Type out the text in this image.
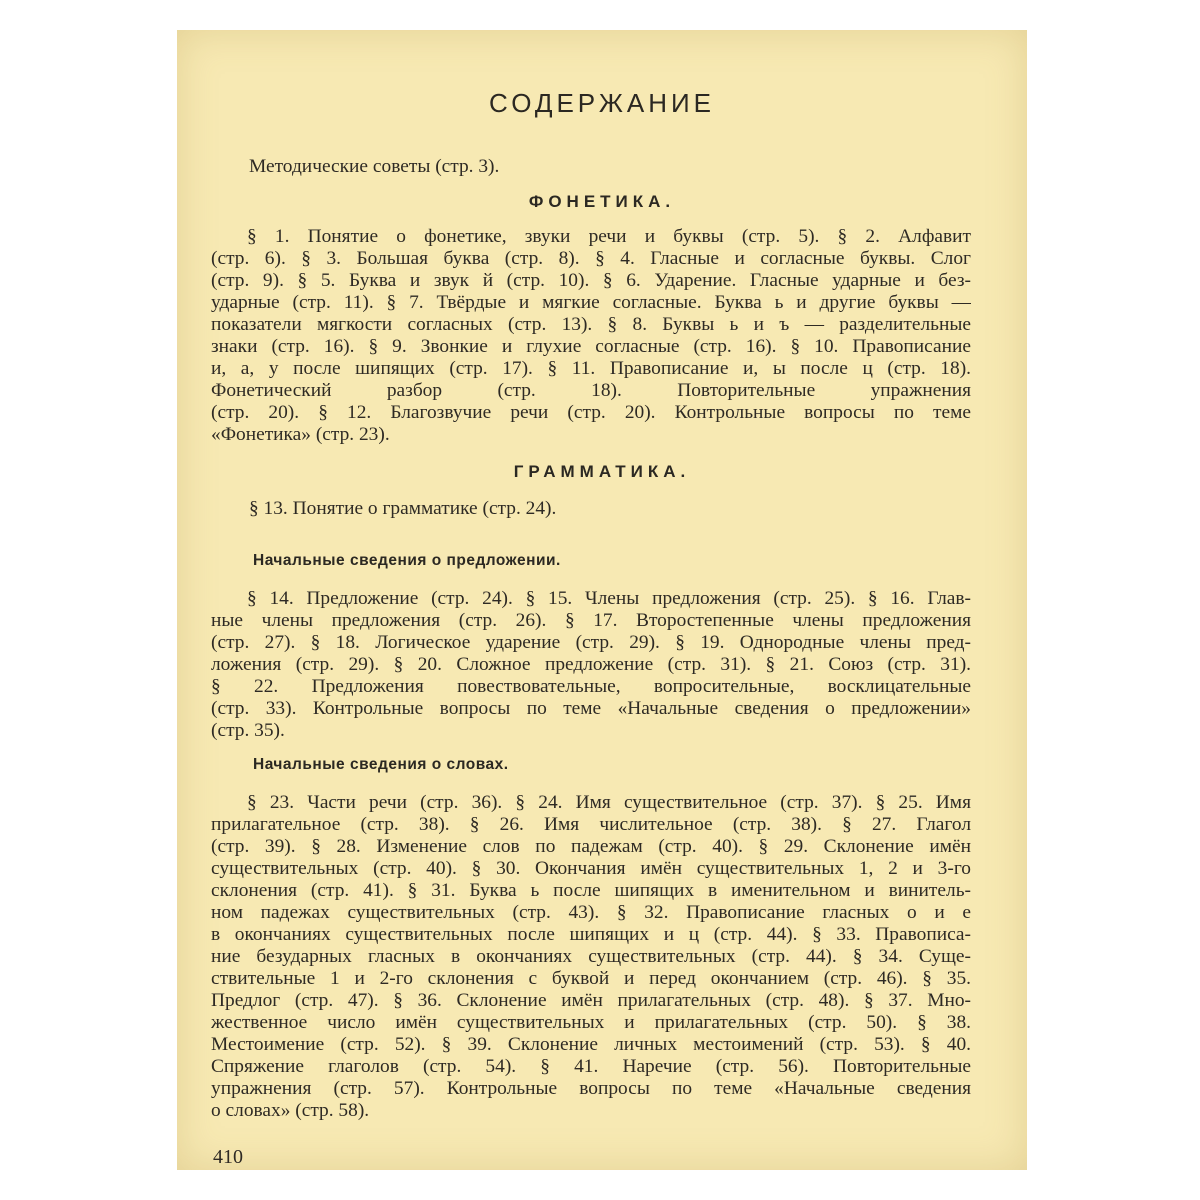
СОДЕРЖАНИЕ
Методические советы (стр. 3).
ФОНЕТИКА.
§ 1. Понятие о фонетике, звуки речи и буквы (стр. 5). § 2. Алфавит
(стр. 6). § 3. Большая буква (стр. 8). § 4. Гласные и согласные буквы. Слог
(стр. 9). § 5. Буква и звук й (стр. 10). § 6. Ударение. Гласные ударные и без-
ударные (стр. 11). § 7. Твёрдые и мягкие согласные. Буква ь и другие буквы —
показатели мягкости согласных (стр. 13). § 8. Буквы ь и ъ — разделительные
знаки (стр. 16). § 9. Звонкие и глухие согласные (стр. 16). § 10. Правописание
и, а, у после шипящих (стр. 17). § 11. Правописание и, ы после ц (стр. 18).
Фонетический разбор (стр. 18). Повторительные упражнения
(стр. 20). § 12. Благозвучие речи (стр. 20). Контрольные вопросы по теме
«Фонетика» (стр. 23).
ГРАММАТИКА.
§ 13. Понятие о грамматике (стр. 24).
Начальные сведения о предложении.
§ 14. Предложение (стр. 24). § 15. Члены предложения (стр. 25). § 16. Глав-
ные члены предложения (стр. 26). § 17. Второстепенные члены предложения
(стр. 27). § 18. Логическое ударение (стр. 29). § 19. Однородные члены пред-
ложения (стр. 29). § 20. Сложное предложение (стр. 31). § 21. Союз (стр. 31).
§ 22. Предложения повествовательные, вопросительные, восклицательные
(стр. 33). Контрольные вопросы по теме «Начальные сведения о предложении»
(стр. 35).
Начальные сведения о словах.
§ 23. Части речи (стр. 36). § 24. Имя существительное (стр. 37). § 25. Имя
прилагательное (стр. 38). § 26. Имя числительное (стр. 38). § 27. Глагол
(стр. 39). § 28. Изменение слов по падежам (стр. 40). § 29. Склонение имён
существительных (стр. 40). § 30. Окончания имён существительных 1, 2 и 3-го
склонения (стр. 41). § 31. Буква ь после шипящих в именительном и винитель-
ном падежах существительных (стр. 43). § 32. Правописание гласных о и е
в окончаниях существительных после шипящих и ц (стр. 44). § 33. Правописа-
ние безударных гласных в окончаниях существительных (стр. 44). § 34. Суще-
ствительные 1 и 2-го склонения с буквой и перед окончанием (стр. 46). § 35.
Предлог (стр. 47). § 36. Склонение имён прилагательных (стр. 48). § 37. Мно-
жественное число имён существительных и прилагательных (стр. 50). § 38.
Местоимение (стр. 52). § 39. Склонение личных местоимений (стр. 53). § 40.
Спряжение глаголов (стр. 54). § 41. Наречие (стр. 56). Повторительные
упражнения (стр. 57). Контрольные вопросы по теме «Начальные сведения
о словах» (стр. 58).
410
